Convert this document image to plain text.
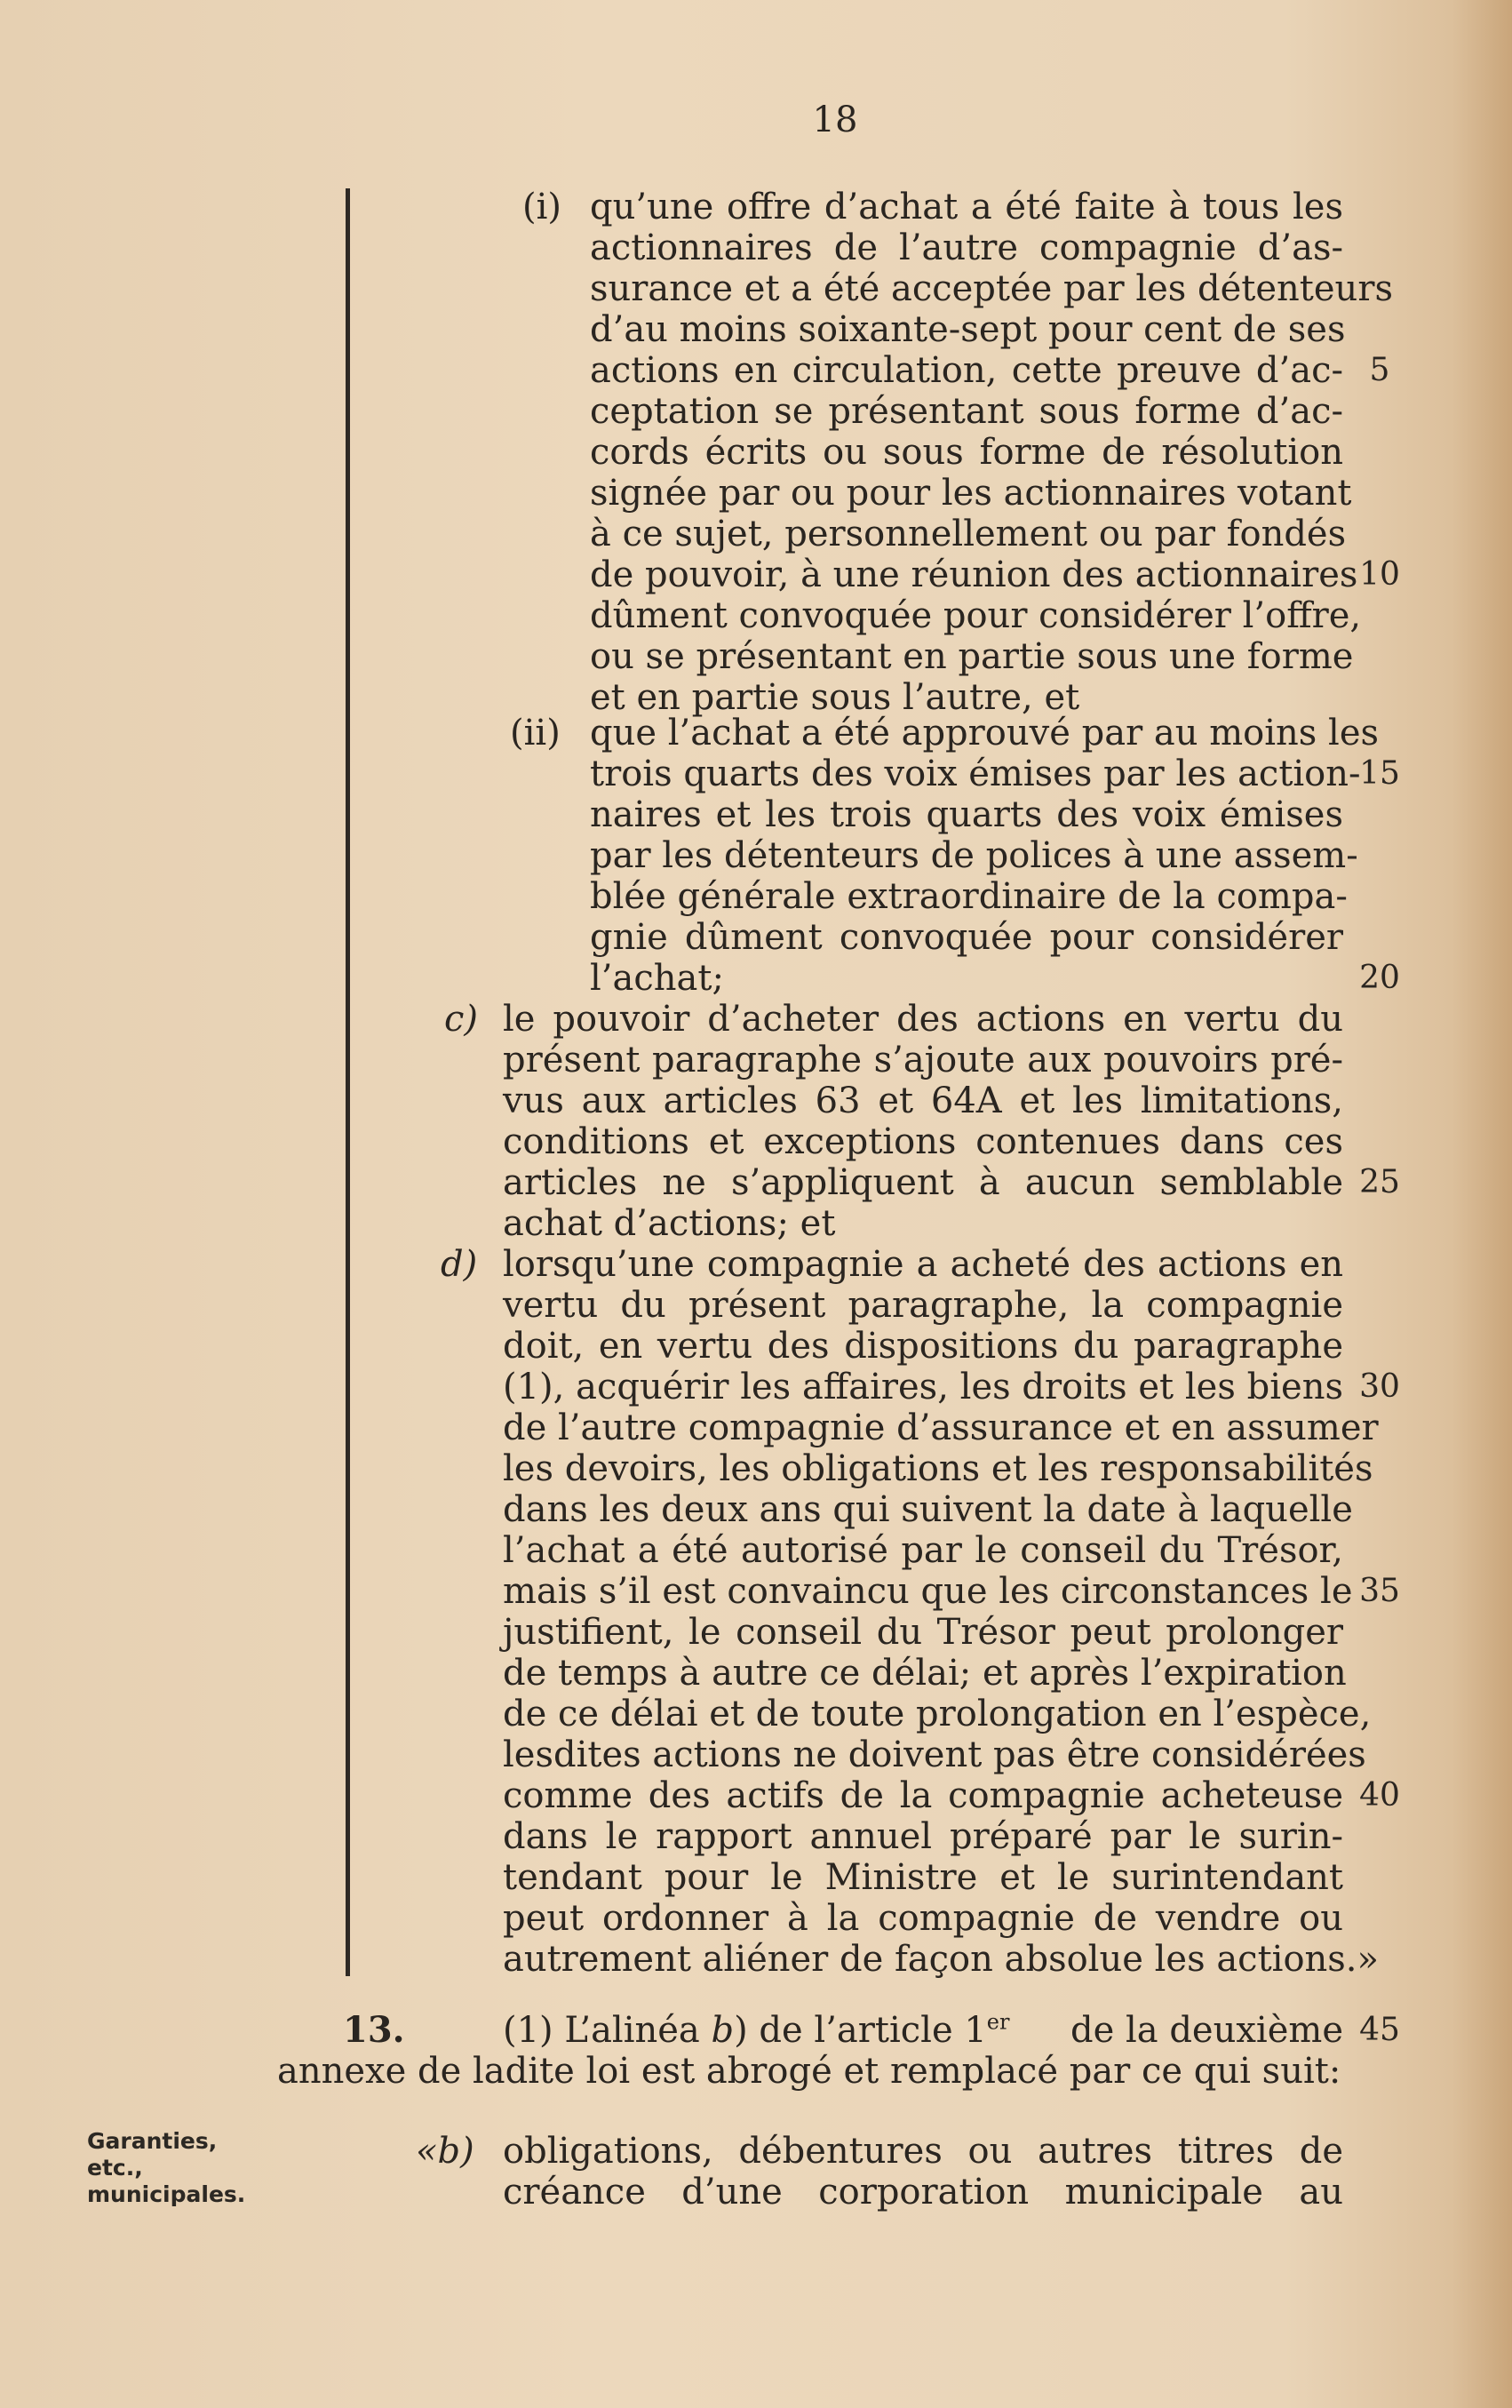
18
(i) qu’une offre d’achat a été faite à tous les
actionnaires de l’autre compagnie d’as-
surance et a été acceptée par les détenteurs
d’au moins soixante-sept pour cent de ses
actions en circulation, cette preuve d’ac-
ceptation se présentant sous forme d’ac-
cords écrits ou sous forme de résolution
signée par ou pour les actionnaires votant
à ce sujet, personnellement ou par fondés
de pouvoir, à une réunion des actionnaires
dûment convoquée pour considérer l’offre,
ou se présentant en partie sous une forme
et en partie sous l’autre, et
(ii) que l’achat a été approuvé par au moins les
trois quarts des voix émises par les action-
naires et les trois quarts des voix émises
par les détenteurs de polices à une assem-
blée générale extraordinaire de la compa-
gnie dûment convoquée pour considérer
l’achat;
c) le pouvoir d’acheter des actions en vertu du
présent paragraphe s’ajoute aux pouvoirs pré-
vus aux articles 63 et 64A et les limitations,
conditions et exceptions contenues dans ces
articles ne s’appliquent à aucun semblable
achat d’actions; et
d) lorsqu’une compagnie a acheté des actions en
vertu du présent paragraphe, la compagnie
doit, en vertu des dispositions du paragraphe
(1), acquérir les affaires, les droits et les biens
de l’autre compagnie d’assurance et en assumer
les devoirs, les obligations et les responsabilités
dans les deux ans qui suivent la date à laquelle
l’achat a été autorisé par le conseil du Trésor,
mais s’il est convaincu que les circonstances le
justifient, le conseil du Trésor peut prolonger
de temps à autre ce délai; et après l’expiration
de ce délai et de toute prolongation en l’espèce,
lesdites actions ne doivent pas être considérées
comme des actifs de la compagnie acheteuse
dans le rapport annuel préparé par le surin-
tendant pour le Ministre et le surintendant
peut ordonner à la compagnie de vendre ou
autrement aliéner de façon absolue les actions.»
13.	(1) L’alinéa b) de l’article 1er de la deuxième
annexe de ladite loi est abrogé et remplacé par ce qui suit:
«b) obligations, débentures ou autres titres de
créance d’une corporation municipale au
Garanties,
etc.,
municipales.
5
10
15
20
25
30
35
40
45
